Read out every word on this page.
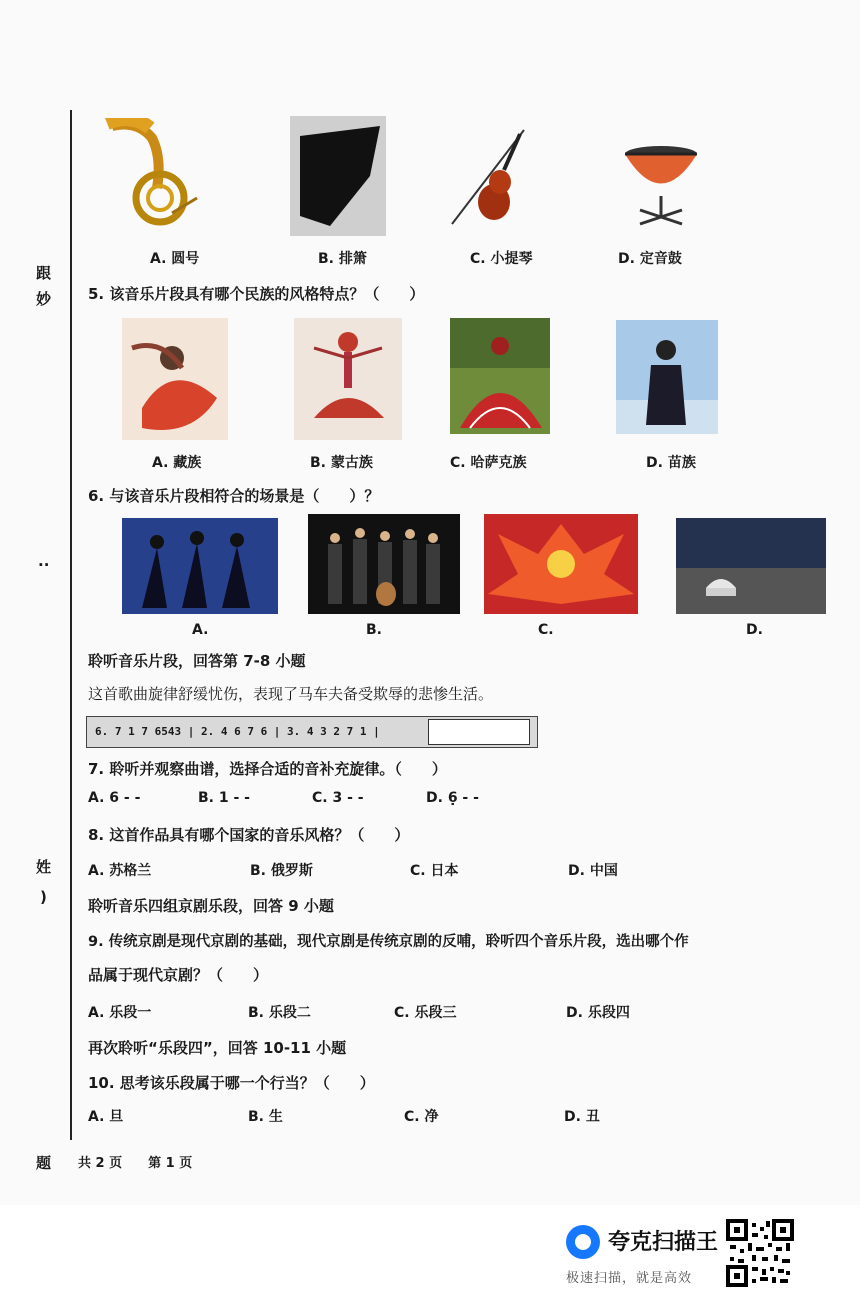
跟
妙
..
姓
)
题
A. 圆号	B. 排箫	C. 小提琴	D. 定音鼓
5. 该音乐片段具有哪个民族的风格特点？（　　）
A. 藏族	B. 蒙古族	C. 哈萨克族	D. 苗族
6. 与该音乐片段相符合的场景是（　　）？
A.	B.	C.	D.
聆听音乐片段，回答第 7-8 小题
这首歌曲旋律舒缓忧伤，表现了马车夫备受欺辱的悲惨生活。
6. 7 1 7 6543 | 2. 4 6 7 6 | 3. 4 3 2 7 1 |
7. 聆听并观察曲谱，选择合适的音补充旋律。（　　）
A. 6 - -	B. 1 - -	C. 3 - -	D. 6̣ - -
8. 这首作品具有哪个国家的音乐风格？（　　）
A. 苏格兰	B. 俄罗斯	C. 日本	D. 中国
聆听音乐四组京剧乐段，回答 9 小题
9. 传统京剧是现代京剧的基础，现代京剧是传统京剧的反哺，聆听四个音乐片段，选出哪个作
品属于现代京剧？（　　）
A. 乐段一	B. 乐段二	C. 乐段三	D. 乐段四
再次聆听“乐段四”，回答 10-11 小题
10. 思考该乐段属于哪一个行当？（　　）
A. 旦	B. 生	C. 净	D. 丑
共 2 页　　第 1 页
夸克扫描王
极速扫描，就是高效
